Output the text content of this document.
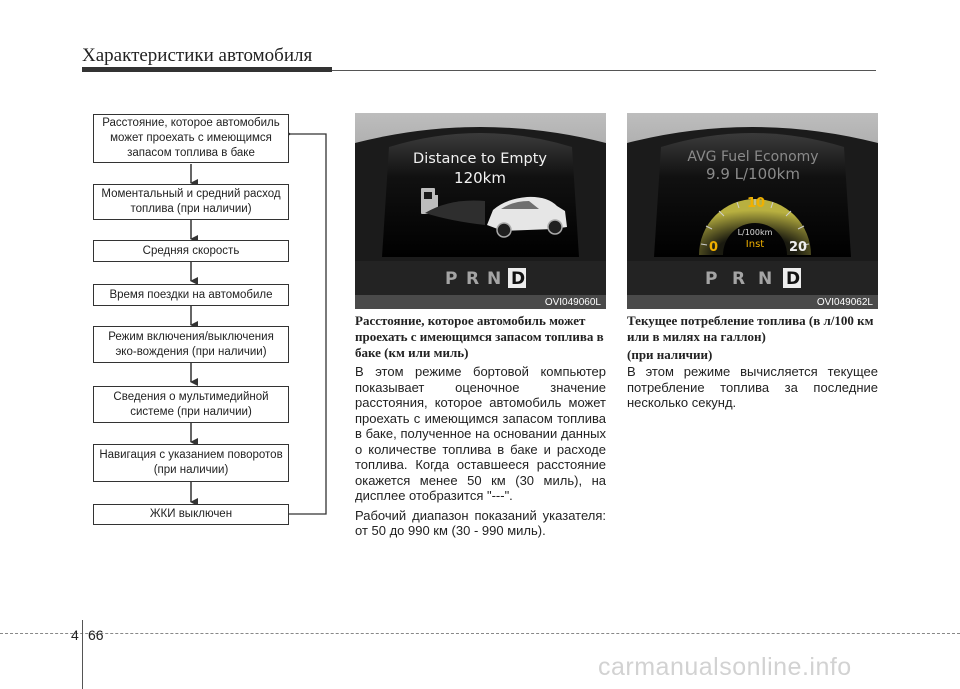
Характеристики автомобиля
Расстояние, которое автомобиль может проехать с имеющимся запасом топлива в баке
Моментальный и средний расход топлива (при наличии)
Средняя скорость
Время поездки на автомобиле
Режим включения/выключения эко-вождения (при наличии)
Сведения о мультимедийной системе (при наличии)
Навигация с указанием поворотов (при наличии)
ЖКИ выключен
P R N D
Distance to Empty
120km
OVI049060L
0
10
20
L/100km
Inst
P R N D
AVG Fuel Economy
9.9 L/100km
OVI049062L
Расстояние, которое автомобиль может проехать с имеющимся запасом топлива в баке (км или миль)

В этом режиме бортовой компьютер показывает оценочное значение расстояния, которое автомобиль может проехать с имеющимся запасом топлива в баке, полученное на основании данных о количестве топлива в баке и расходе топлива. Когда оставшееся расстояние окажется менее 50 км (30 миль), на дисплее отобразится "---".

Рабочий диапазон показаний указателя: от 50 до 990 км (30 - 990 миль).

Текущее потребление топлива (в л/100 км или в милях на галлон)
(при наличии)

В этом режиме вычисляется текущее потребление топлива за последние несколько секунд.

4 66
carmanualsonline.info
